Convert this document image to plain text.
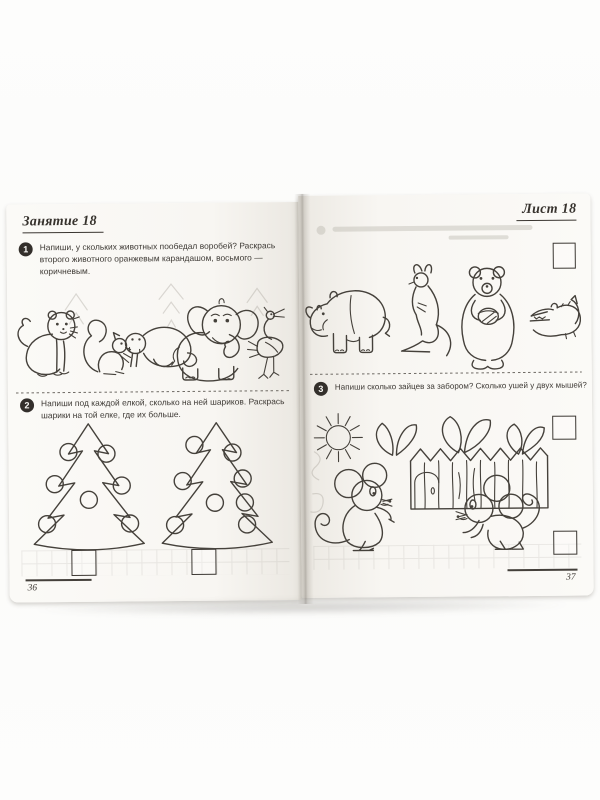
Занятие 18
1	Напиши, у скольких животных пообедал воробей? Раскрась второго животного оранжевым карандашом, восьмого — коричневым.
2	Напиши под каждой елкой, сколько на ней шариков. Раскрась шарики на той елке, где их больше.
36
Лист 18
3	Напиши сколько зайцев за забором? Сколько ушей у двух мышей?
37
